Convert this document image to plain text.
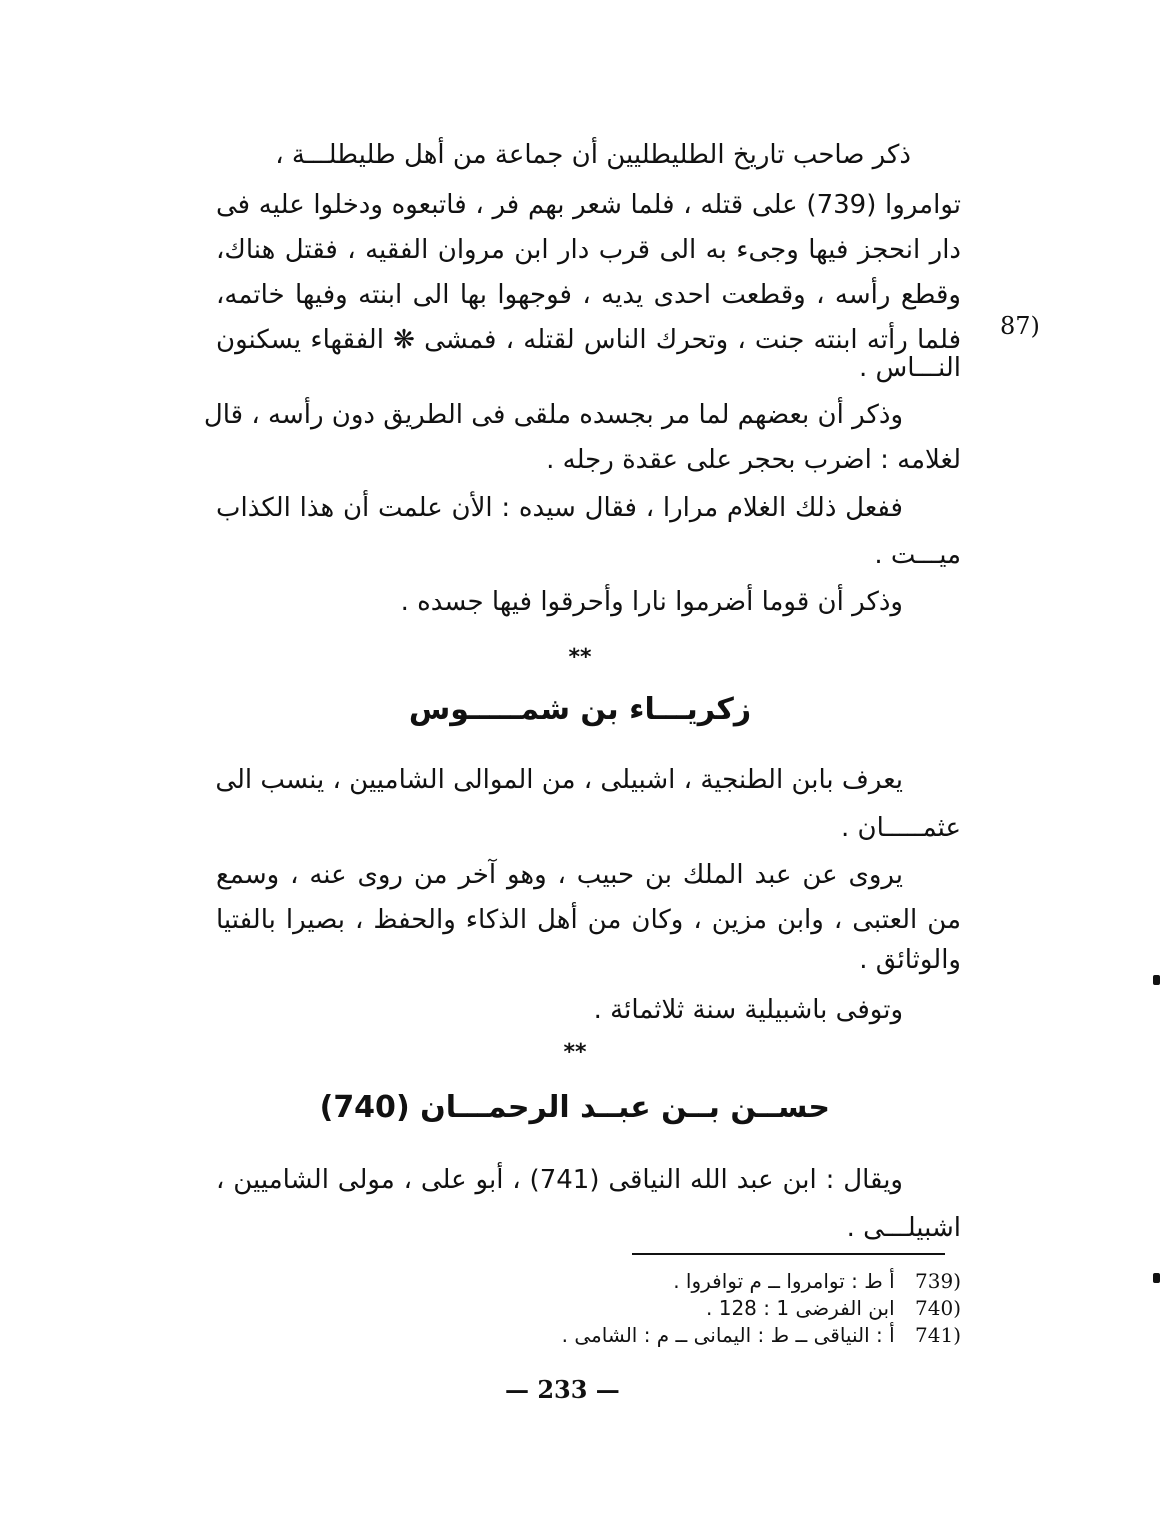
ذكر صاحب تاريخ الطليطليين أن جماعة من أهل طليطلـــة ،
توامروا (739) على قتله ، فلما شعر بهم فر ، فاتبعوه ودخلوا عليه فى
دار انحجز فيها وجىء به الى قرب دار ابن مروان الفقيه ، فقتل هناك،
وقطع رأسه ، وقطعت احدى يديه ، فوجهوا بها الى ابنته وفيها خاتمه،
فلما رأته ابنته جنت ، وتحرك الناس لقتله ، فمشى ❋ الفقهاء يسكنون 87)
النـــاس .
وذكر أن بعضهم لما مر بجسده ملقى فى الطريق دون رأسه ، قال
لغلامه : اضرب بحجر على عقدة رجله .
ففعل ذلك الغلام مرارا ، فقال سيده : الأن علمت أن هذا الكذاب
ميـــت .
وذكر أن قوما أضرموا نارا وأحرقوا فيها جسده .
**
زكريـــاء بن شمـــــوس
يعرف بابن الطنجية ، اشبيلى ، من الموالى الشاميين ، ينسب الى
عثمـــــان .
يروى عن عبد الملك بن حبيب ، وهو آخر من روى عنه ، وسمع
من العتبى ، وابن مزين ، وكان من أهل الذكاء والحفظ ، بصيرا بالفتيا
والوثائق .
وتوفى باشبيلية سنة ثلاثمائة .
**
حســن بــن عبــد الرحمـــان (740)
ويقال : ابن عبد الله النياقى (741) ، أبو على ، مولى الشاميين ،
اشبيلـــى .
(739 أ ط : توامروا ــ م توافروا .
(740 ابن الفرضى 1 : 128 .
(741 أ : النياقى ــ ط : اليمانى ــ م : الشامى .
— 233 —
